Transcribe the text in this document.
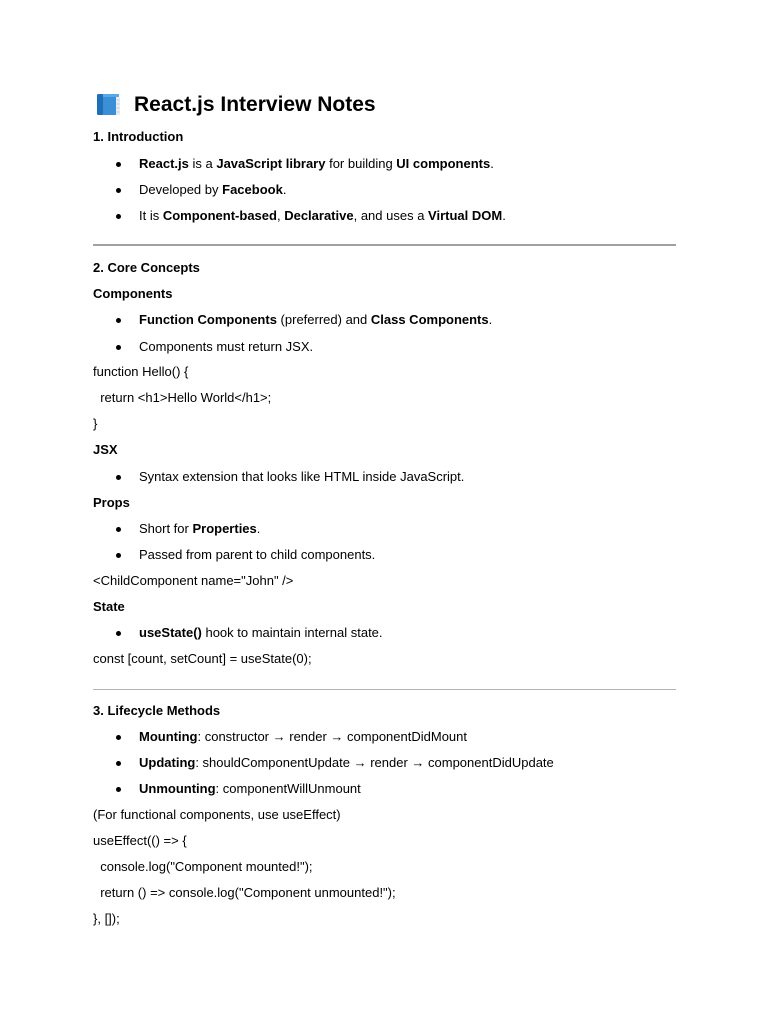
React.js Interview Notes
1. Introduction
React.js is a JavaScript library for building UI components.
Developed by Facebook.
It is Component-based, Declarative, and uses a Virtual DOM.
2. Core Concepts
Components
Function Components (preferred) and Class Components.
Components must return JSX.
function Hello() {
return <h1>Hello World</h1>;
}
JSX
Syntax extension that looks like HTML inside JavaScript.
Props
Short for Properties.
Passed from parent to child components.
<ChildComponent name="John" />
State
useState() hook to maintain internal state.
const [count, setCount] = useState(0);
3. Lifecycle Methods
Mounting: constructor → render → componentDidMount
Updating: shouldComponentUpdate → render → componentDidUpdate
Unmounting: componentWillUnmount
(For functional components, use useEffect)
useEffect(() => {
console.log("Component mounted!");
return () => console.log("Component unmounted!");
}, []);
